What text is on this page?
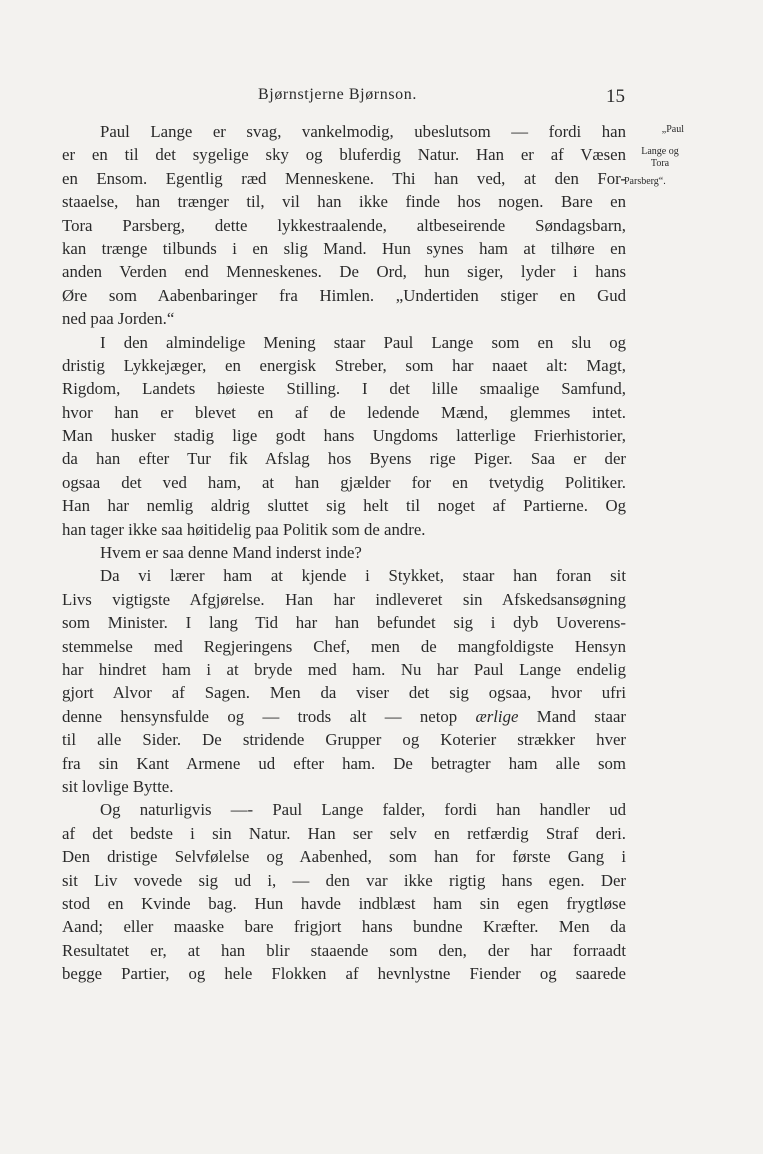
Bjørnstjerne Bjørnson.	15
„Paul
Lange og
Tora
Parsberg“.
Paul Lange er svag, vankelmodig, ubeslutsom — fordi han
er en til det sygelige sky og bluferdig Natur. Han er af Væsen
en Ensom. Egentlig ræd Menneskene. Thi han ved, at den For-
staaelse, han trænger til, vil han ikke finde hos nogen. Bare en
Tora Parsberg, dette lykkestraalende, altbeseirende Søndagsbarn,
kan trænge tilbunds i en slig Mand. Hun synes ham at tilhøre en
anden Verden end Menneskenes. De Ord, hun siger, lyder i hans
Øre som Aabenbaringer fra Himlen. „Undertiden stiger en Gud
ned paa Jorden.“
I den almindelige Mening staar Paul Lange som en slu og
dristig Lykkejæger, en energisk Streber, som har naaet alt: Magt,
Rigdom, Landets høieste Stilling. I det lille smaalige Samfund,
hvor han er blevet en af de ledende Mænd, glemmes intet.
Man husker stadig lige godt hans Ungdoms latterlige Frierhistorier,
da han efter Tur fik Afslag hos Byens rige Piger. Saa er der
ogsaa det ved ham, at han gjælder for en tvetydig Politiker.
Han har nemlig aldrig sluttet sig helt til noget af Partierne. Og
han tager ikke saa høitidelig paa Politik som de andre.
Hvem er saa denne Mand inderst inde?
Da vi lærer ham at kjende i Stykket, staar han foran sit
Livs vigtigste Afgjørelse. Han har indleveret sin Afskedsansøgning
som Minister. I lang Tid har han befundet sig i dyb Uoverens-
stemmelse med Regjeringens Chef, men de mangfoldigste Hensyn
har hindret ham i at bryde med ham. Nu har Paul Lange endelig
gjort Alvor af Sagen. Men da viser det sig ogsaa, hvor ufri
denne hensynsfulde og — trods alt — netop ærlige Mand staar
til alle Sider. De stridende Grupper og Koterier strækker hver
fra sin Kant Armene ud efter ham. De betragter ham alle som
sit lovlige Bytte.
Og naturligvis —- Paul Lange falder, fordi han handler ud
af det bedste i sin Natur. Han ser selv en retfærdig Straf deri.
Den dristige Selvfølelse og Aabenhed, som han for første Gang i
sit Liv vovede sig ud i, — den var ikke rigtig hans egen. Der
stod en Kvinde bag. Hun havde indblæst ham sin egen frygtløse
Aand; eller maaske bare frigjort hans bundne Kræfter. Men da
Resultatet er, at han blir staaende som den, der har forraadt
begge Partier, og hele Flokken af hevnlystne Fiender og saarede
